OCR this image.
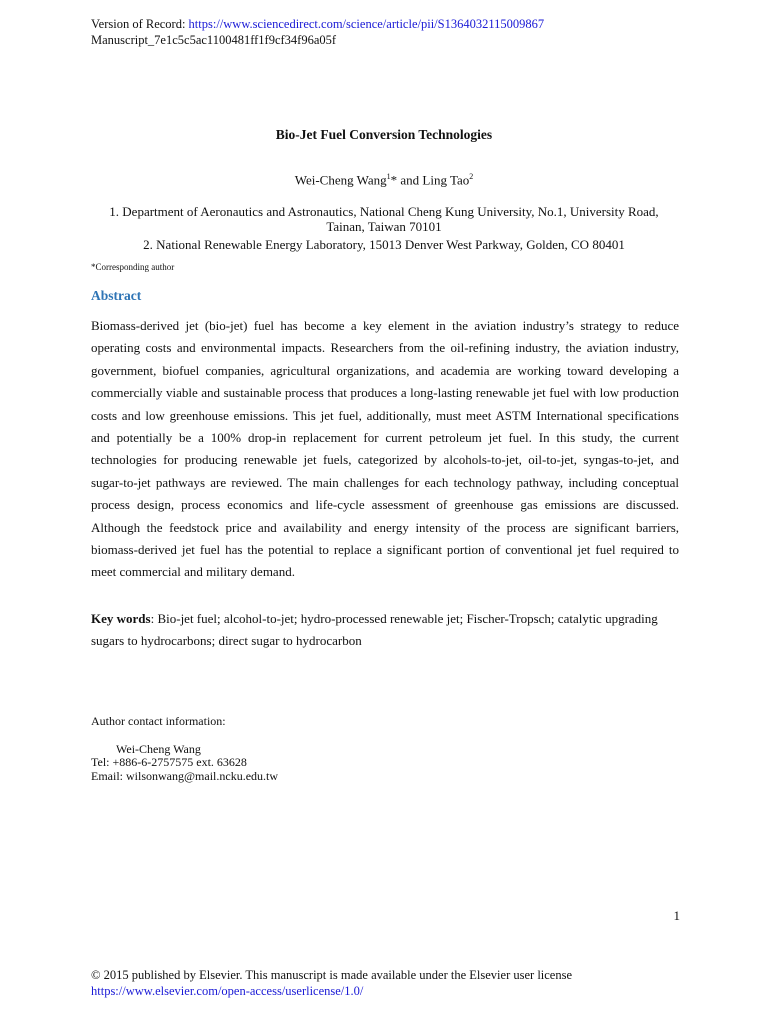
Version of Record: https://www.sciencedirect.com/science/article/pii/S1364032115009867
Manuscript_7e1c5c5ac1100481ff1f9cf34f96a05f
Bio-Jet Fuel Conversion Technologies
Wei-Cheng Wang$^1$* and Ling Tao$^2$
1. Department of Aeronautics and Astronautics, National Cheng Kung University, No.1, University Road,
Tainan, Taiwan 70101
2. National Renewable Energy Laboratory, 15013 Denver West Parkway, Golden, CO 80401
*Corresponding author
Abstract
Biomass-derived jet (bio-jet) fuel has become a key element in the aviation industry’s strategy to reduce operating costs and environmental impacts. Researchers from the oil-refining industry, the aviation industry, government, biofuel companies, agricultural organizations, and academia are working toward developing a commercially viable and sustainable process that produces a long-lasting renewable jet fuel with low production costs and low greenhouse emissions. This jet fuel, additionally, must meet ASTM International specifications and potentially be a 100% drop-in replacement for current petroleum jet fuel. In this study, the current technologies for producing renewable jet fuels, categorized by alcohols-to-jet, oil-to-jet, syngas-to-jet, and sugar-to-jet pathways are reviewed. The main challenges for each technology pathway, including conceptual process design, process economics and life-cycle assessment of greenhouse gas emissions are discussed. Although the feedstock price and availability and energy intensity of the process are significant barriers, biomass-derived jet fuel has the potential to replace a significant portion of conventional jet fuel required to meet commercial and military demand.
Key words: Bio-jet fuel; alcohol-to-jet; hydro-processed renewable jet; Fischer-Tropsch; catalytic upgrading sugars to hydrocarbons; direct sugar to hydrocarbon
Author contact information:
Wei-Cheng Wang
Tel: +886-6-2757575 ext. 63628
Email: wilsonwang@mail.ncku.edu.tw
1
© 2015 published by Elsevier. This manuscript is made available under the Elsevier user license
https://www.elsevier.com/open-access/userlicense/1.0/
